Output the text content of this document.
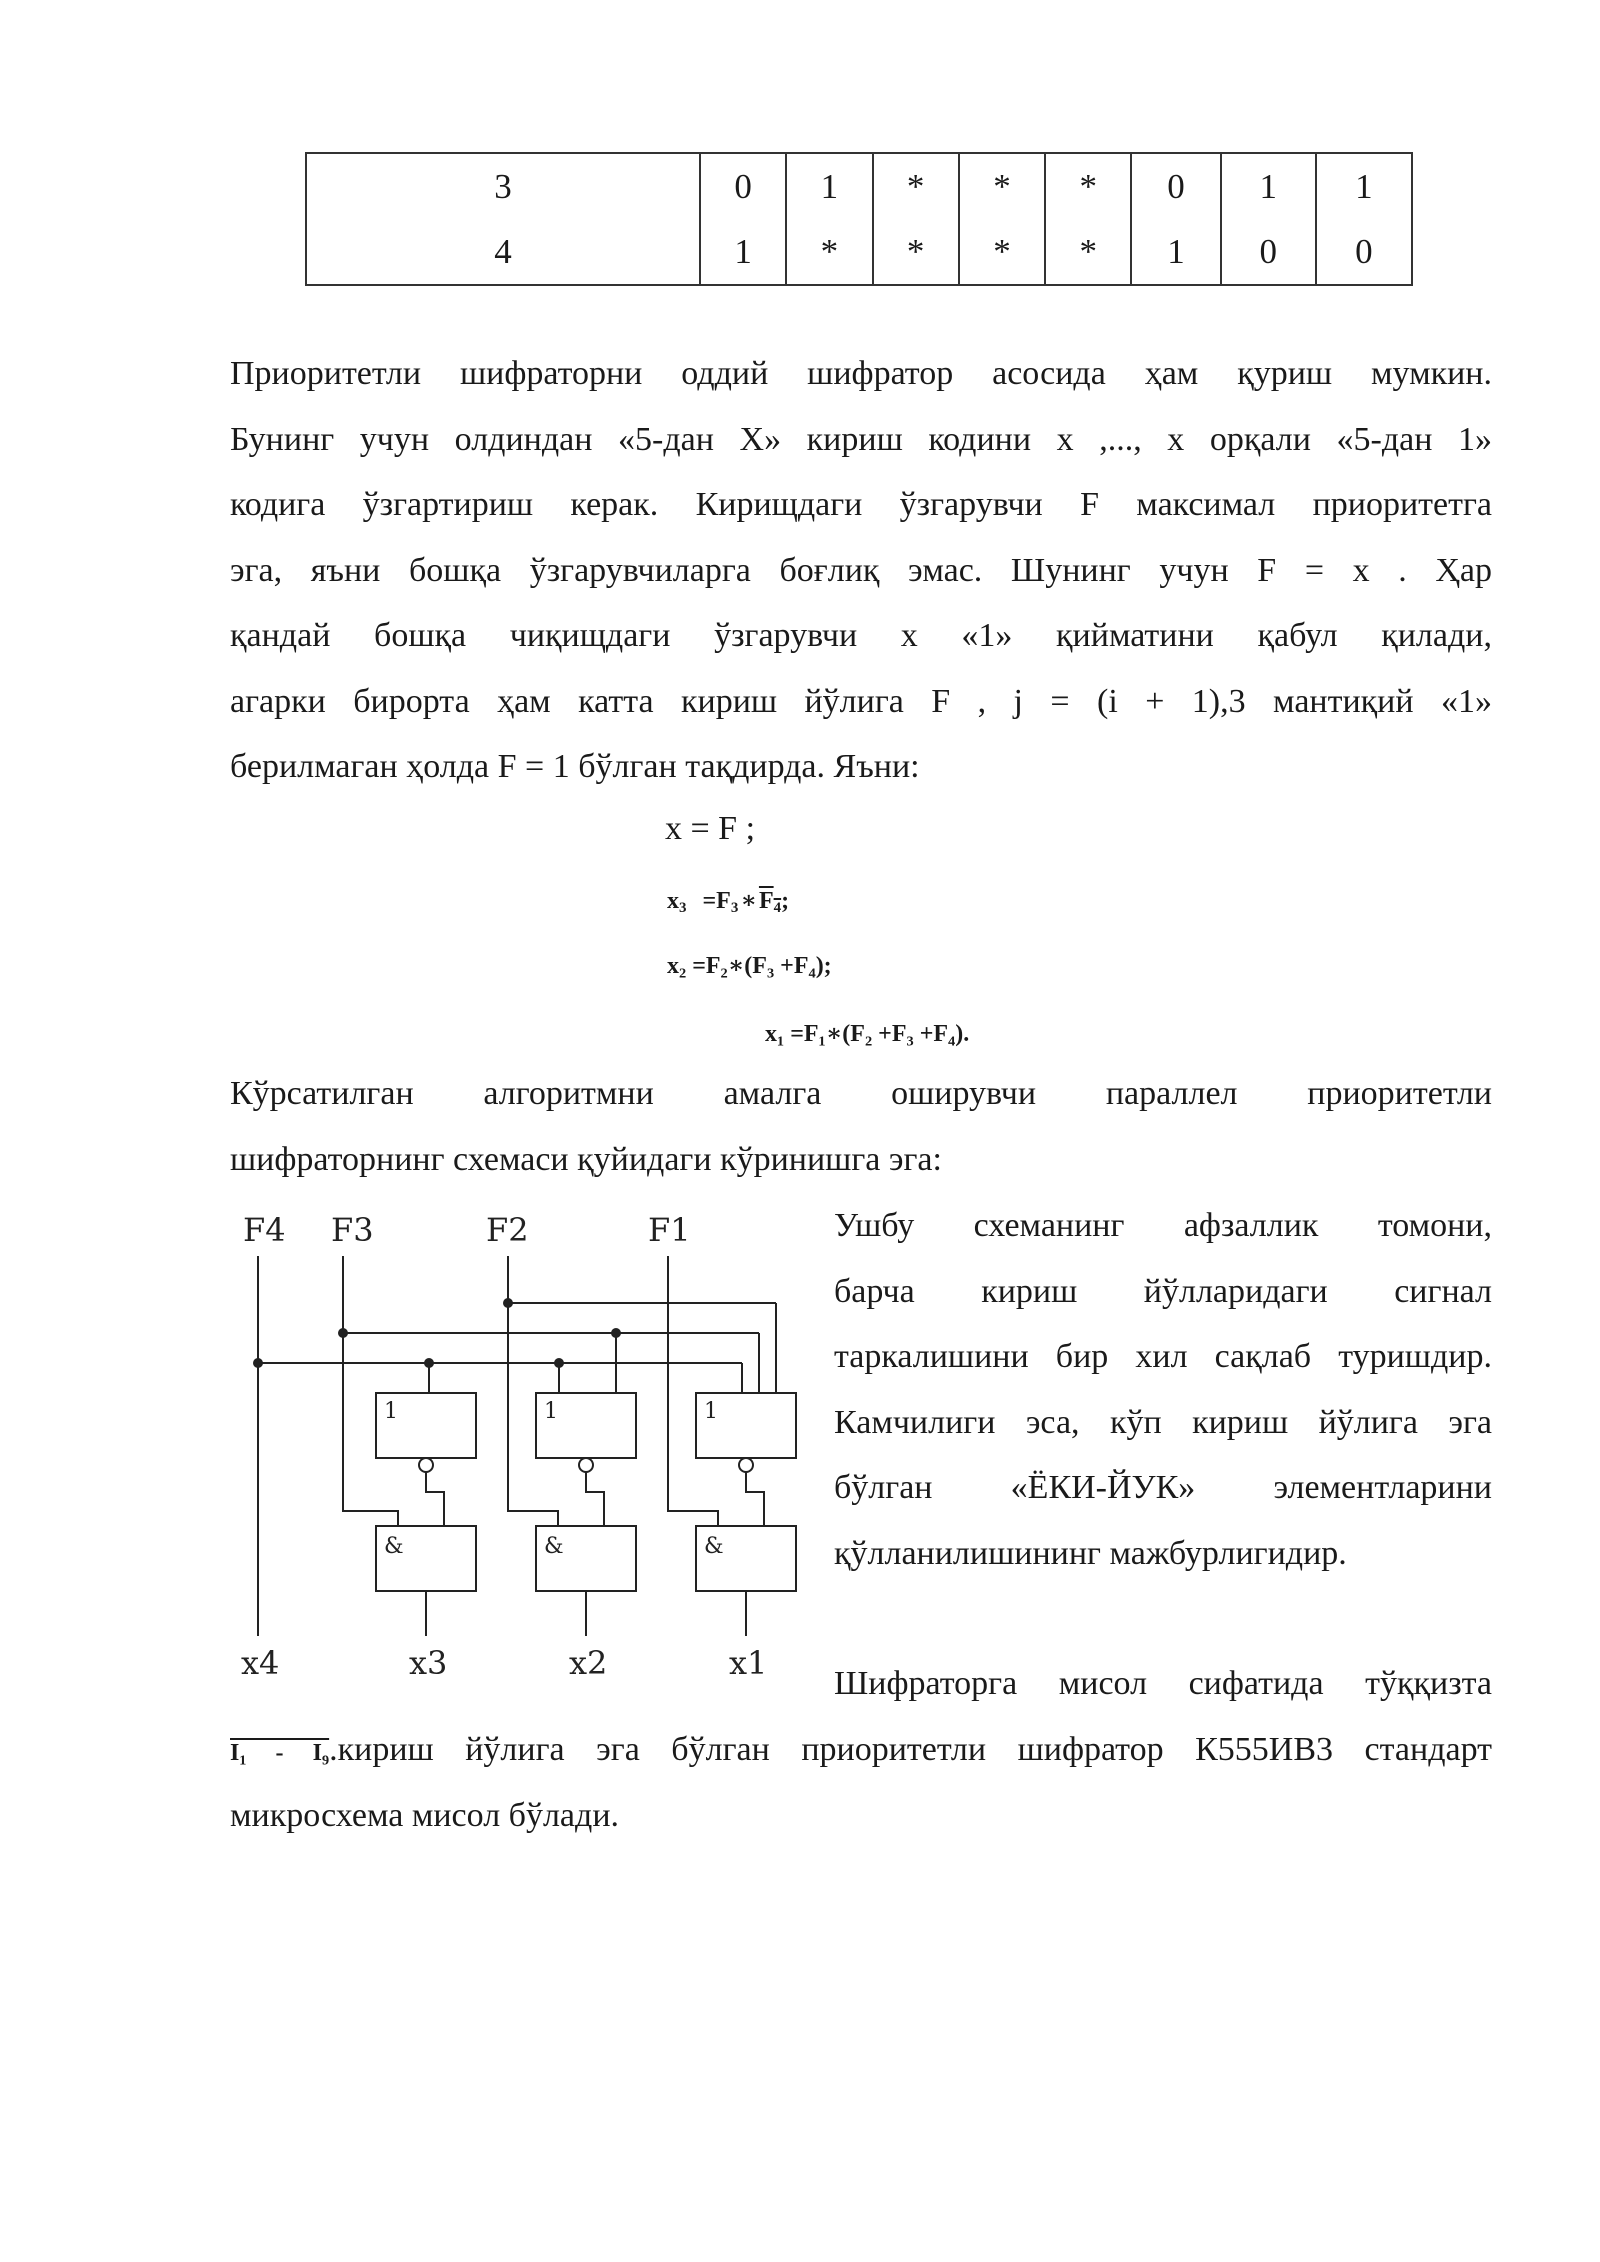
3	0	1	*	*	*	0	1	1
4	1	*	*	*	*	1	0	0
Приоритетли шифраторни оддий шифратор асосида ҳам қуриш мумкин.
Бунинг учун олдиндан «5-дан Х» кириш кодини х ,..., х орқали «5-дан 1»
кодига ўзгартириш керак. Кирищдаги ўзгарувчи F максимал приоритетга
эга, яъни бошқа ўзгарувчиларга боғлиқ эмас. Шунинг учун F = х . Ҳар
қандай бошқа чиқищдаги ўзгарувчи х «1» қийматини қабул қилади,
агарки бирорта ҳам катта кириш йўлига F , j = (i + 1),3 мантиқий «1»
берилмаган ҳолда F = 1 бўлган тақдирда. Яъни:
х = F ;
$x_3$ $=F_3∗F_4$;
x₂ =F₂∗(F₃ +F₄);
x₁ =F₁∗(F₂ +F₃ +F₄).
Кўрсатилган алгоритмни амалга оширувчи параллел приоритетли
шифраторнинг схемаси қуйидаги кўринишга эга:
Ушбу схеманинг афзаллик томони,
барча кириш йўлларидаги сигнал
таркалишини бир хил сақлаб туришдир.
Камчилиги эса, кўп кириш йўлига эга
бўлган «ЁКИ-ЙУК» элементларини
қўлланилишининг мажбурлигидир.
F4 F3	F2	F1
x4	x3	x2	x1
1	1	1
&	&	&
Шифраторга мисол сифатида тўққизта
I₁ - I₉.кириш йўлига эга бўлган приоритетли шифратор К555ИВ3 стандарт
микросхема мисол бўлади.
